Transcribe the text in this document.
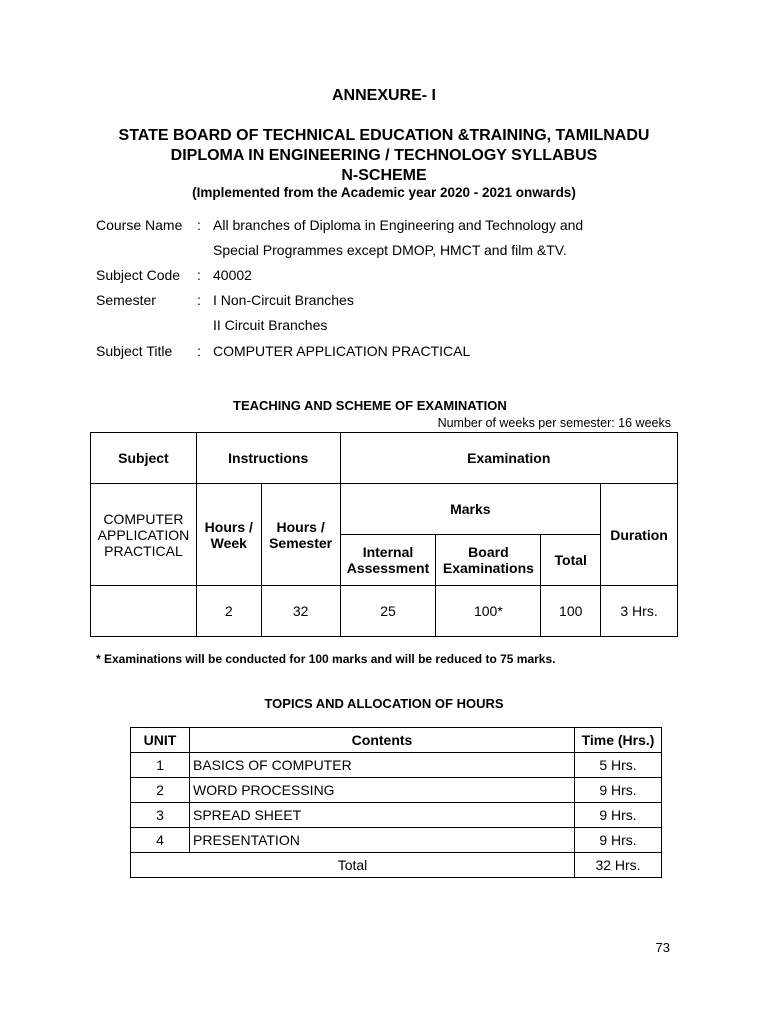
ANNEXURE- I
STATE BOARD OF TECHNICAL EDUCATION &TRAINING, TAMILNADU
DIPLOMA IN ENGINEERING / TECHNOLOGY SYLLABUS
N-SCHEME
(Implemented from the Academic year 2020 - 2021 onwards)
Course Name	: All branches of Diploma in Engineering and Technology and
Special Programmes except DMOP, HMCT and film &TV.
Subject Code	: 40002
Semester	: I Non-Circuit Branches
II Circuit Branches
Subject Title	: COMPUTER APPLICATION PRACTICAL
TEACHING AND SCHEME OF EXAMINATION
Number of weeks per semester: 16 weeks
Subject	Instructions		Examination			
COMPUTER APPLICATION PRACTICAL	Hours / Week	Hours / Semester	Marks			Duration
			Internal Assessment	Board Examinations	Total	
	2	32	25	100*	100	3 Hrs.
* Examinations will be conducted for 100 marks and will be reduced to 75 marks.
TOPICS AND ALLOCATION OF HOURS
UNIT	Contents	Time (Hrs.)
1	BASICS OF COMPUTER	5 Hrs.
2	WORD PROCESSING	9 Hrs.
3	SPREAD SHEET	9 Hrs.
4	PRESENTATION	9 Hrs.
Total		32 Hrs.
73
